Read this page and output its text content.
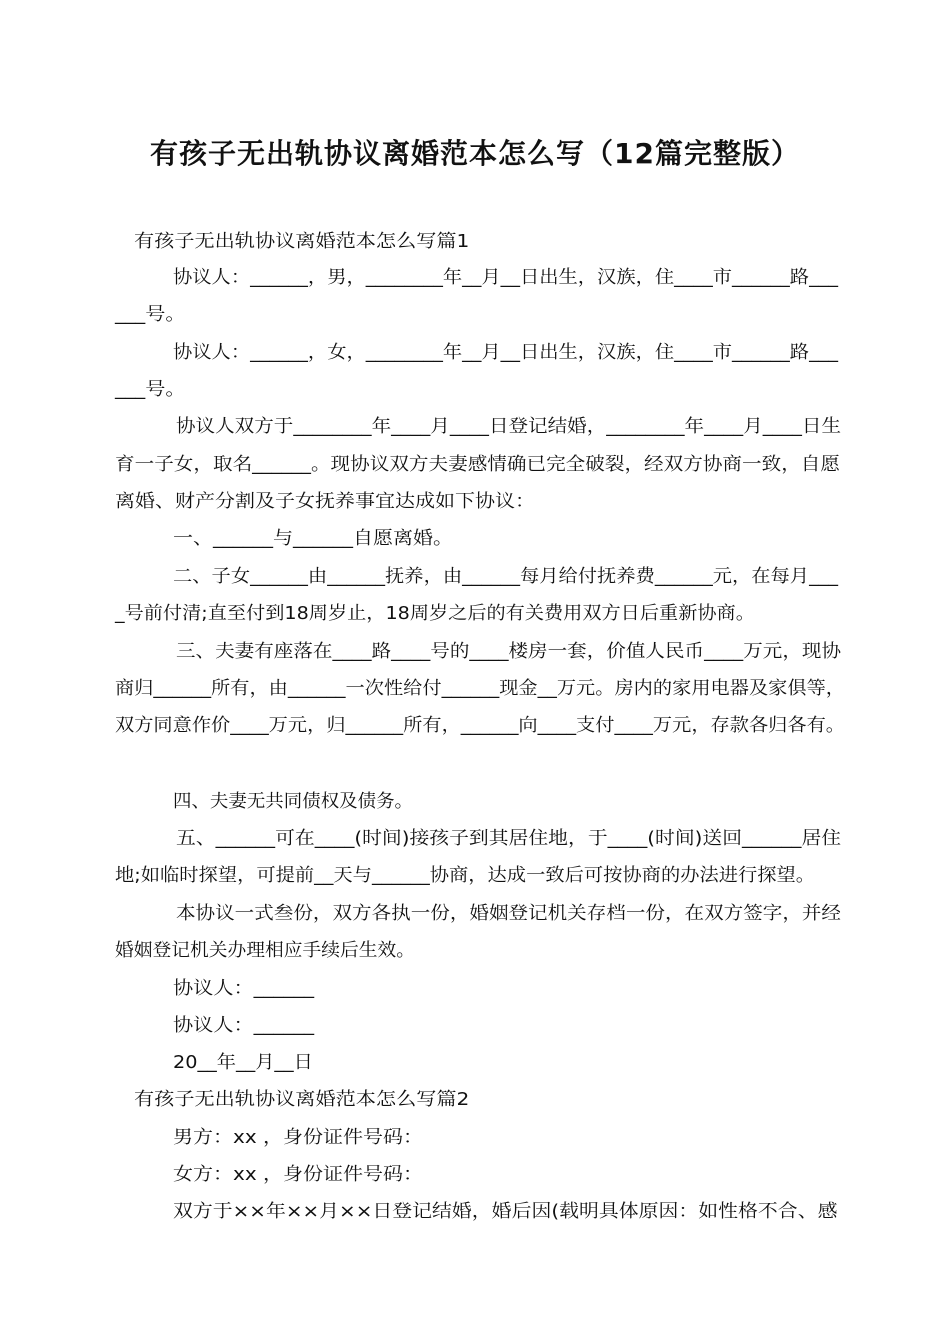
有孩子无出轨协议离婚范本怎么写（12篇完整版）
有孩子无出轨协议离婚范本怎么写篇1
协议人：______，男，________年__月__日出生，汉族，住____市______路___
___号。
协议人：______，女，________年__月__日出生，汉族，住____市______路___
___号。
协议人双方于________年____月____日登记结婚，________年____月____日生
育一子女，取名______。现协议双方夫妻感情确已完全破裂，经双方协商一致，自愿
离婚、财产分割及子女抚养事宜达成如下协议：
一、______与______自愿离婚。
二、子女______由______抚养，由______每月给付抚养费______元，在每月___
_号前付清;直至付到18周岁止，18周岁之后的有关费用双方日后重新协商。
三、夫妻有座落在____路____号的____楼房一套，价值人民币____万元，现协
商归______所有，由______一次性给付______现金__万元。房内的家用电器及家俱等，
双方同意作价____万元，归______所有，______向____支付____万元，存款各归各有。
四、夫妻无共同债权及债务。
五、______可在____(时间)接孩子到其居住地，于____(时间)送回______居住
地;如临时探望，可提前__天与______协商，达成一致后可按协商的办法进行探望。
本协议一式叁份，双方各执一份，婚姻登记机关存档一份，在双方签字，并经
婚姻登记机关办理相应手续后生效。
协议人：______
协议人：______
20__年__月__日
有孩子无出轨协议离婚范本怎么写篇2
男方：xx ，身份证件号码：
女方：xx ，身份证件号码：
双方于××年××月××日登记结婚，婚后因(载明具体原因：如性格不合、感
